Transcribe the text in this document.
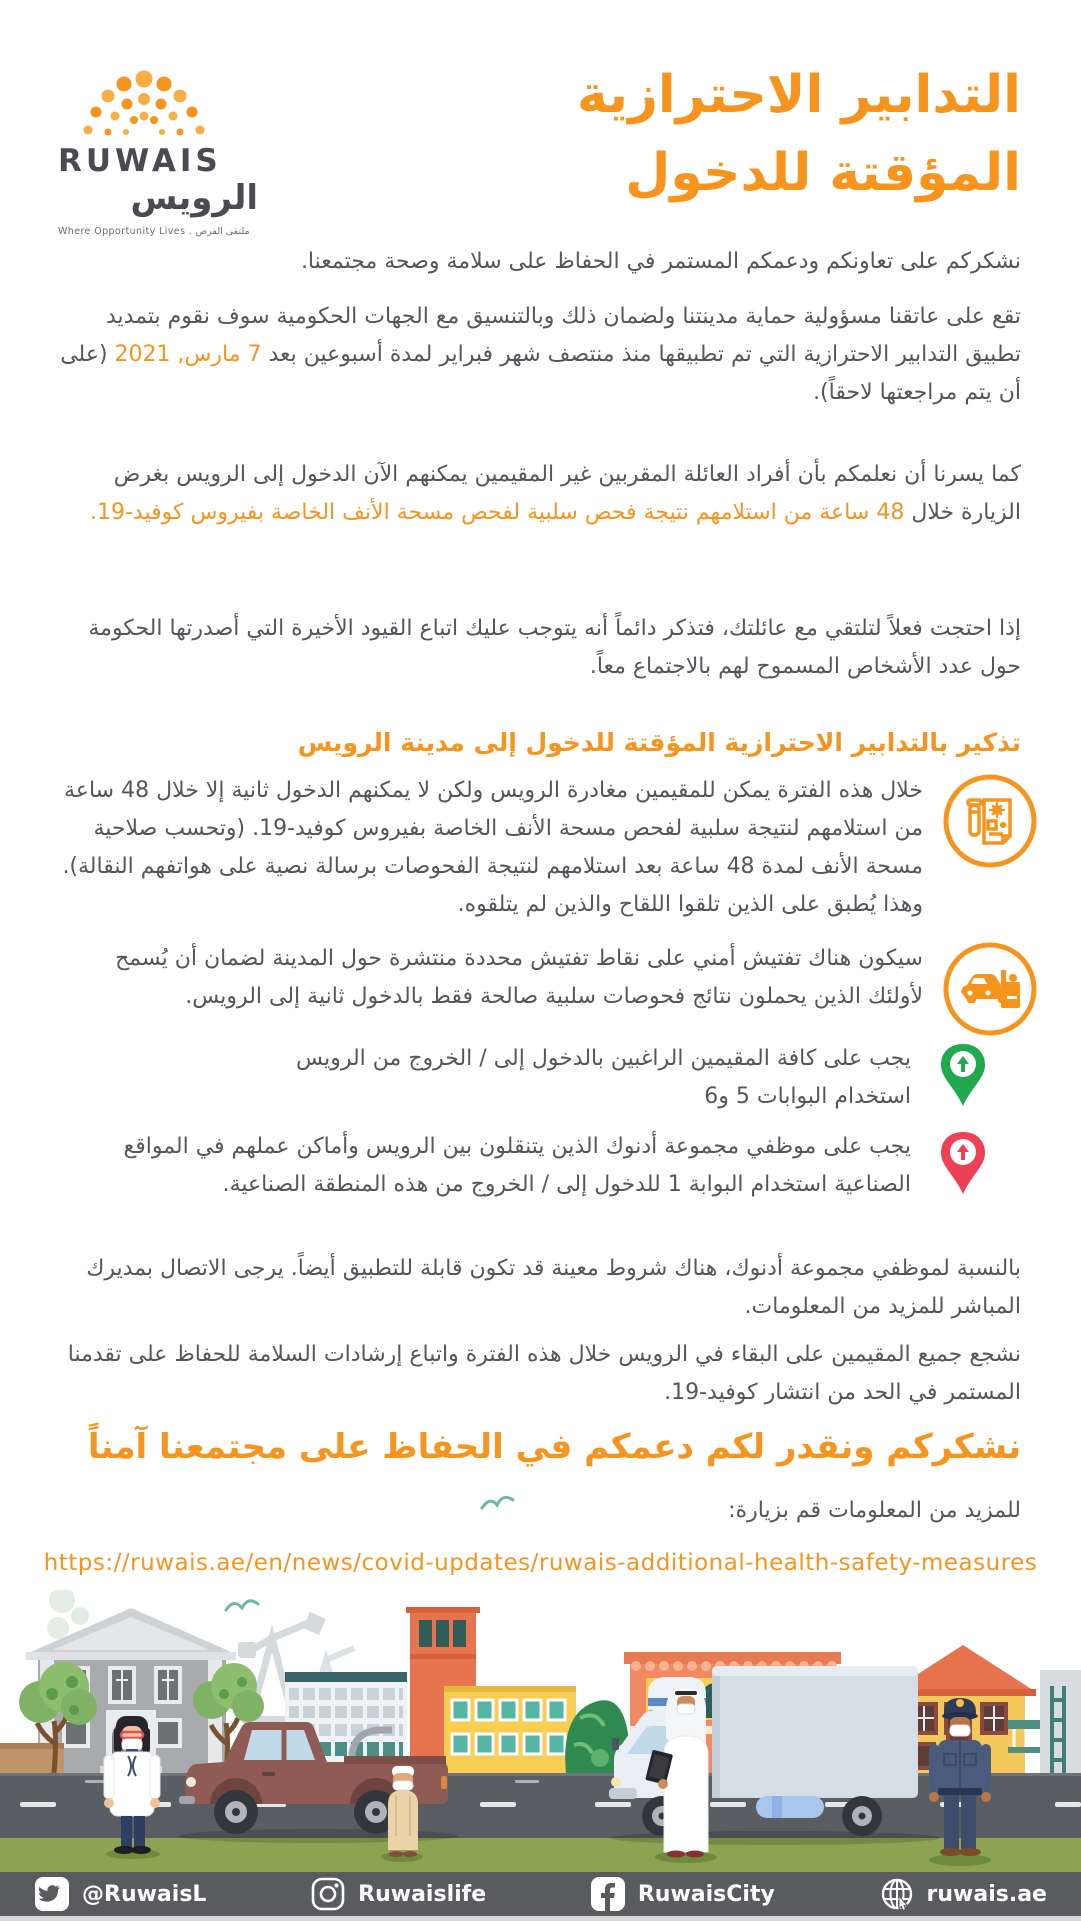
RUWAIS
الرويس
Where Opportunity Lives . ملتقى الفرص

التدابير الاحترازية

المؤقتة للدخول

نشكركم على تعاونكم ودعمكم المستمر في الحفاظ على سلامة وصحة مجتمعنا.

تقع على عاتقنا مسؤولية حماية مدينتنا ولضمان ذلك وبالتنسيق مع الجهات الحكومية سوف نقوم بتمديد تطبيق التدابير الاحترازية التي تم تطبيقها منذ منتصف شهر فبراير لمدة أسبوعين بعد 7 مارس, 2021 (على أن يتم مراجعتها لاحقاً).

كما يسرنا أن نعلمكم بأن أفراد العائلة المقربين غير المقيمين يمكنهم الآن الدخول إلى الرويس بغرض الزيارة خلال 48 ساعة من استلامهم نتيجة فحص سلبية لفحص مسحة الأنف الخاصة بفيروس كوفيد-19.

إذا احتجت فعلاً لتلتقي مع عائلتك، فتذكر دائماً أنه يتوجب عليك اتباع القيود الأخيرة التي أصدرتها الحكومة حول عدد الأشخاص المسموح لهم بالاجتماع معاً.

تذكير بالتدابير الاحترازية المؤقتة للدخول إلى مدينة الرويس

خلال هذه الفترة يمكن للمقيمين مغادرة الرويس ولكن لا يمكنهم الدخول ثانية إلا خلال 48 ساعة من استلامهم لنتيجة سلبية لفحص مسحة الأنف الخاصة بفيروس كوفيد-19. (وتحسب صلاحية مسحة الأنف لمدة 48 ساعة بعد استلامهم لنتيجة الفحوصات برسالة نصية على هواتفهم النقالة). وهذا يُطبق على الذين تلقوا اللقاح والذين لم يتلقوه.

سيكون هناك تفتيش أمني على نقاط تفتيش محددة منتشرة حول المدينة لضمان أن يُسمح لأولئك الذين يحملون نتائج فحوصات سلبية صالحة فقط بالدخول ثانية إلى الرويس.

يجب على كافة المقيمين الراغبين بالدخول إلى / الخروج من الرويس استخدام البوابات 5 و6

يجب على موظفي مجموعة أدنوك الذين يتنقلون بين الرويس وأماكن عملهم في المواقع الصناعية استخدام البوابة 1 للدخول إلى / الخروج من هذه المنطقة الصناعية.

بالنسبة لموظفي مجموعة أدنوك، هناك شروط معينة قد تكون قابلة للتطبيق أيضاً. يرجى الاتصال بمديرك المباشر للمزيد من المعلومات.

نشجع جميع المقيمين على البقاء في الرويس خلال هذه الفترة واتباع إرشادات السلامة للحفاظ على تقدمنا المستمر في الحد من انتشار كوفيد-19.

نشكركم ونقدر لكم دعمكم في الحفاظ على مجتمعنا آمناً

للمزيد من المعلومات قم بزيارة:

https://ruwais.ae/en/news/covid-updates/ruwais-additional-health-safety-measures

@RuwaisL	Ruwaislife	RuwaisCity	ruwais.ae
